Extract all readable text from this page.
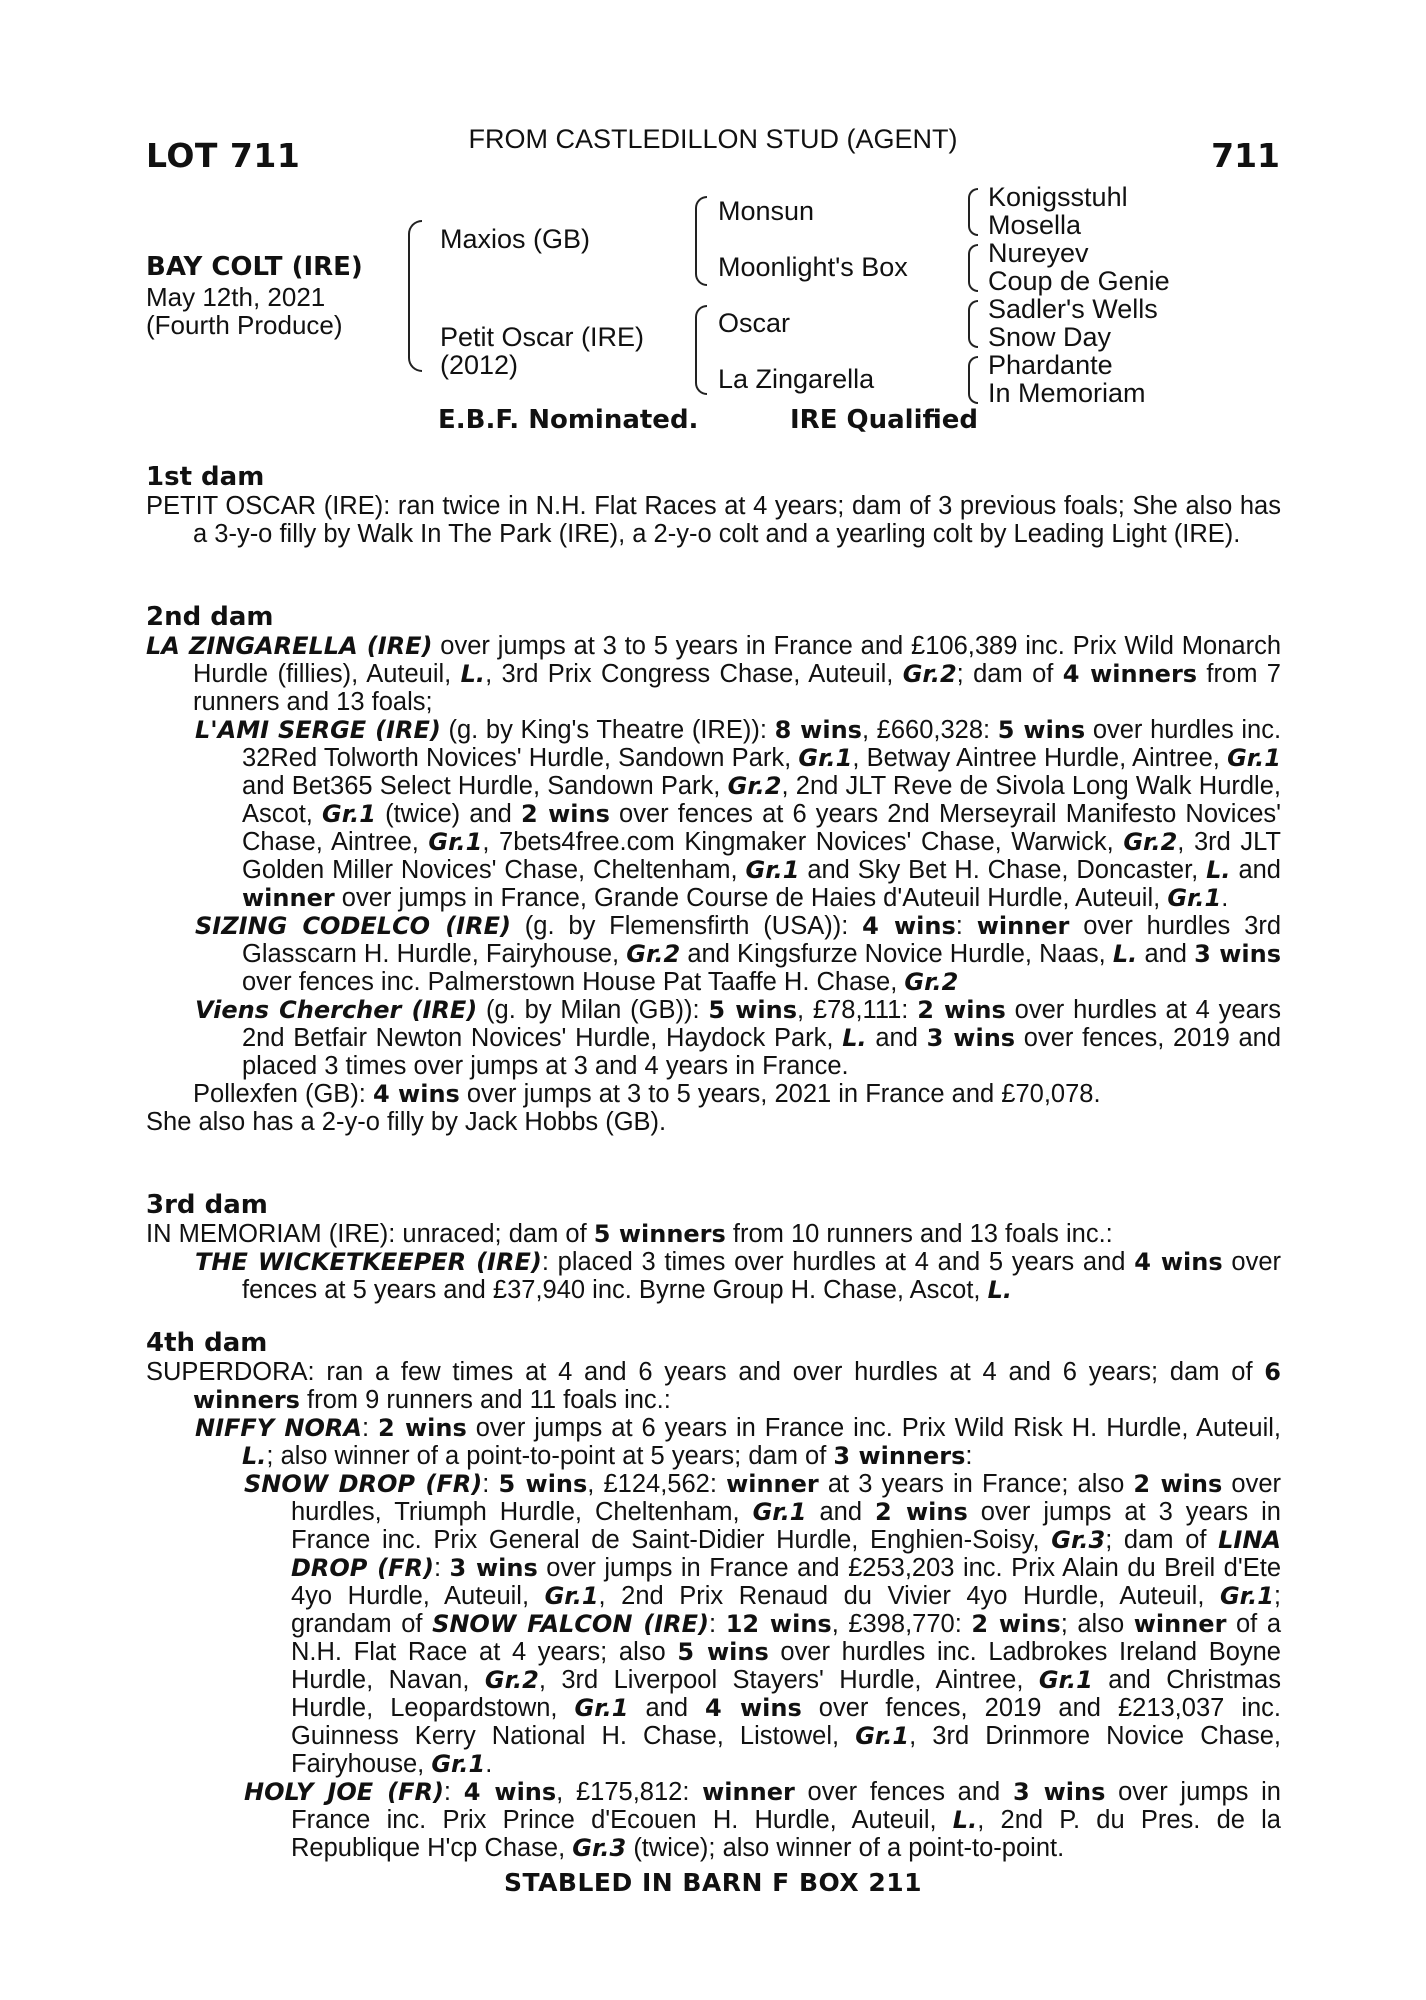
LOT 711	FROM CASTLEDILLON STUD (AGENT)	711
BAY COLT (IRE)
May 12th, 2021
(Fourth Produce)
Maxios (GB)
Petit Oscar (IRE)
(2012)
Monsun
Moonlight's Box
Oscar
La Zingarella
Konigsstuhl
Mosella
Nureyev
Coup de Genie
Sadler's Wells
Snow Day
Phardante
In Memoriam
E.B.F. Nominated.	IRE Qualified
1st dam

PETIT OSCAR (IRE): ran twice in N.H. Flat Races at 4 years; dam of 3 previous foals; She also has a 3-y-o filly by Walk In The Park (IRE), a 2-y-o colt and a yearling colt by Leading Light (IRE).

2nd dam

LA ZINGARELLA (IRE) over jumps at 3 to 5 years in France and £106,389 inc. Prix Wild Monarch Hurdle (fillies), Auteuil, L., 3rd Prix Congress Chase, Auteuil, Gr.2; dam of 4 winners from 7 runners and 13 foals;

L'AMI SERGE (IRE) (g. by King's Theatre (IRE)): 8 wins, £660,328: 5 wins over hurdles inc. 32Red Tolworth Novices' Hurdle, Sandown Park, Gr.1, Betway Aintree Hurdle, Aintree, Gr.1 and Bet365 Select Hurdle, Sandown Park, Gr.2, 2nd JLT Reve de Sivola Long Walk Hurdle, Ascot, Gr.1 (twice) and 2 wins over fences at 6 years 2nd Merseyrail Manifesto Novices' Chase, Aintree, Gr.1, 7bets4free.com Kingmaker Novices' Chase, Warwick, Gr.2, 3rd JLT Golden Miller Novices' Chase, Cheltenham, Gr.1 and Sky Bet H. Chase, Doncaster, L. and winner over jumps in France, Grande Course de Haies d'Auteuil Hurdle, Auteuil, Gr.1.

SIZING CODELCO (IRE) (g. by Flemensfirth (USA)): 4 wins: winner over hurdles 3rd Glasscarn H. Hurdle, Fairyhouse, Gr.2 and Kingsfurze Novice Hurdle, Naas, L. and 3 wins over fences inc. Palmerstown House Pat Taaffe H. Chase, Gr.2

Viens Chercher (IRE) (g. by Milan (GB)): 5 wins, £78,111: 2 wins over hurdles at 4 years 2nd Betfair Newton Novices' Hurdle, Haydock Park, L. and 3 wins over fences, 2019 and placed 3 times over jumps at 3 and 4 years in France.

Pollexfen (GB): 4 wins over jumps at 3 to 5 years, 2021 in France and £70,078.

She also has a 2-y-o filly by Jack Hobbs (GB).

3rd dam

IN MEMORIAM (IRE): unraced; dam of 5 winners from 10 runners and 13 foals inc.:

THE WICKETKEEPER (IRE): placed 3 times over hurdles at 4 and 5 years and 4 wins over fences at 5 years and £37,940 inc. Byrne Group H. Chase, Ascot, L.

4th dam

SUPERDORA: ran a few times at 4 and 6 years and over hurdles at 4 and 6 years; dam of 6 winners from 9 runners and 11 foals inc.:

NIFFY NORA: 2 wins over jumps at 6 years in France inc. Prix Wild Risk H. Hurdle, Auteuil, L.; also winner of a point-to-point at 5 years; dam of 3 winners:

SNOW DROP (FR): 5 wins, £124,562: winner at 3 years in France; also 2 wins over hurdles, Triumph Hurdle, Cheltenham, Gr.1 and 2 wins over jumps at 3 years in France inc. Prix General de Saint-Didier Hurdle, Enghien-Soisy, Gr.3; dam of LINA DROP (FR): 3 wins over jumps in France and £253,203 inc. Prix Alain du Breil d'Ete 4yo Hurdle, Auteuil, Gr.1, 2nd Prix Renaud du Vivier 4yo Hurdle, Auteuil, Gr.1; grandam of SNOW FALCON (IRE): 12 wins, £398,770: 2 wins; also winner of a N.H. Flat Race at 4 years; also 5 wins over hurdles inc. Ladbrokes Ireland Boyne Hurdle, Navan, Gr.2, 3rd Liverpool Stayers' Hurdle, Aintree, Gr.1 and Christmas Hurdle, Leopardstown, Gr.1 and 4 wins over fences, 2019 and £213,037 inc. Guinness Kerry National H. Chase, Listowel, Gr.1, 3rd Drinmore Novice Chase, Fairyhouse, Gr.1.

HOLY JOE (FR): 4 wins, £175,812: winner over fences and 3 wins over jumps in France inc. Prix Prince d'Ecouen H. Hurdle, Auteuil, L., 2nd P. du Pres. de la Republique H'cp Chase, Gr.3 (twice); also winner of a point-to-point.

STABLED IN BARN F BOX 211
